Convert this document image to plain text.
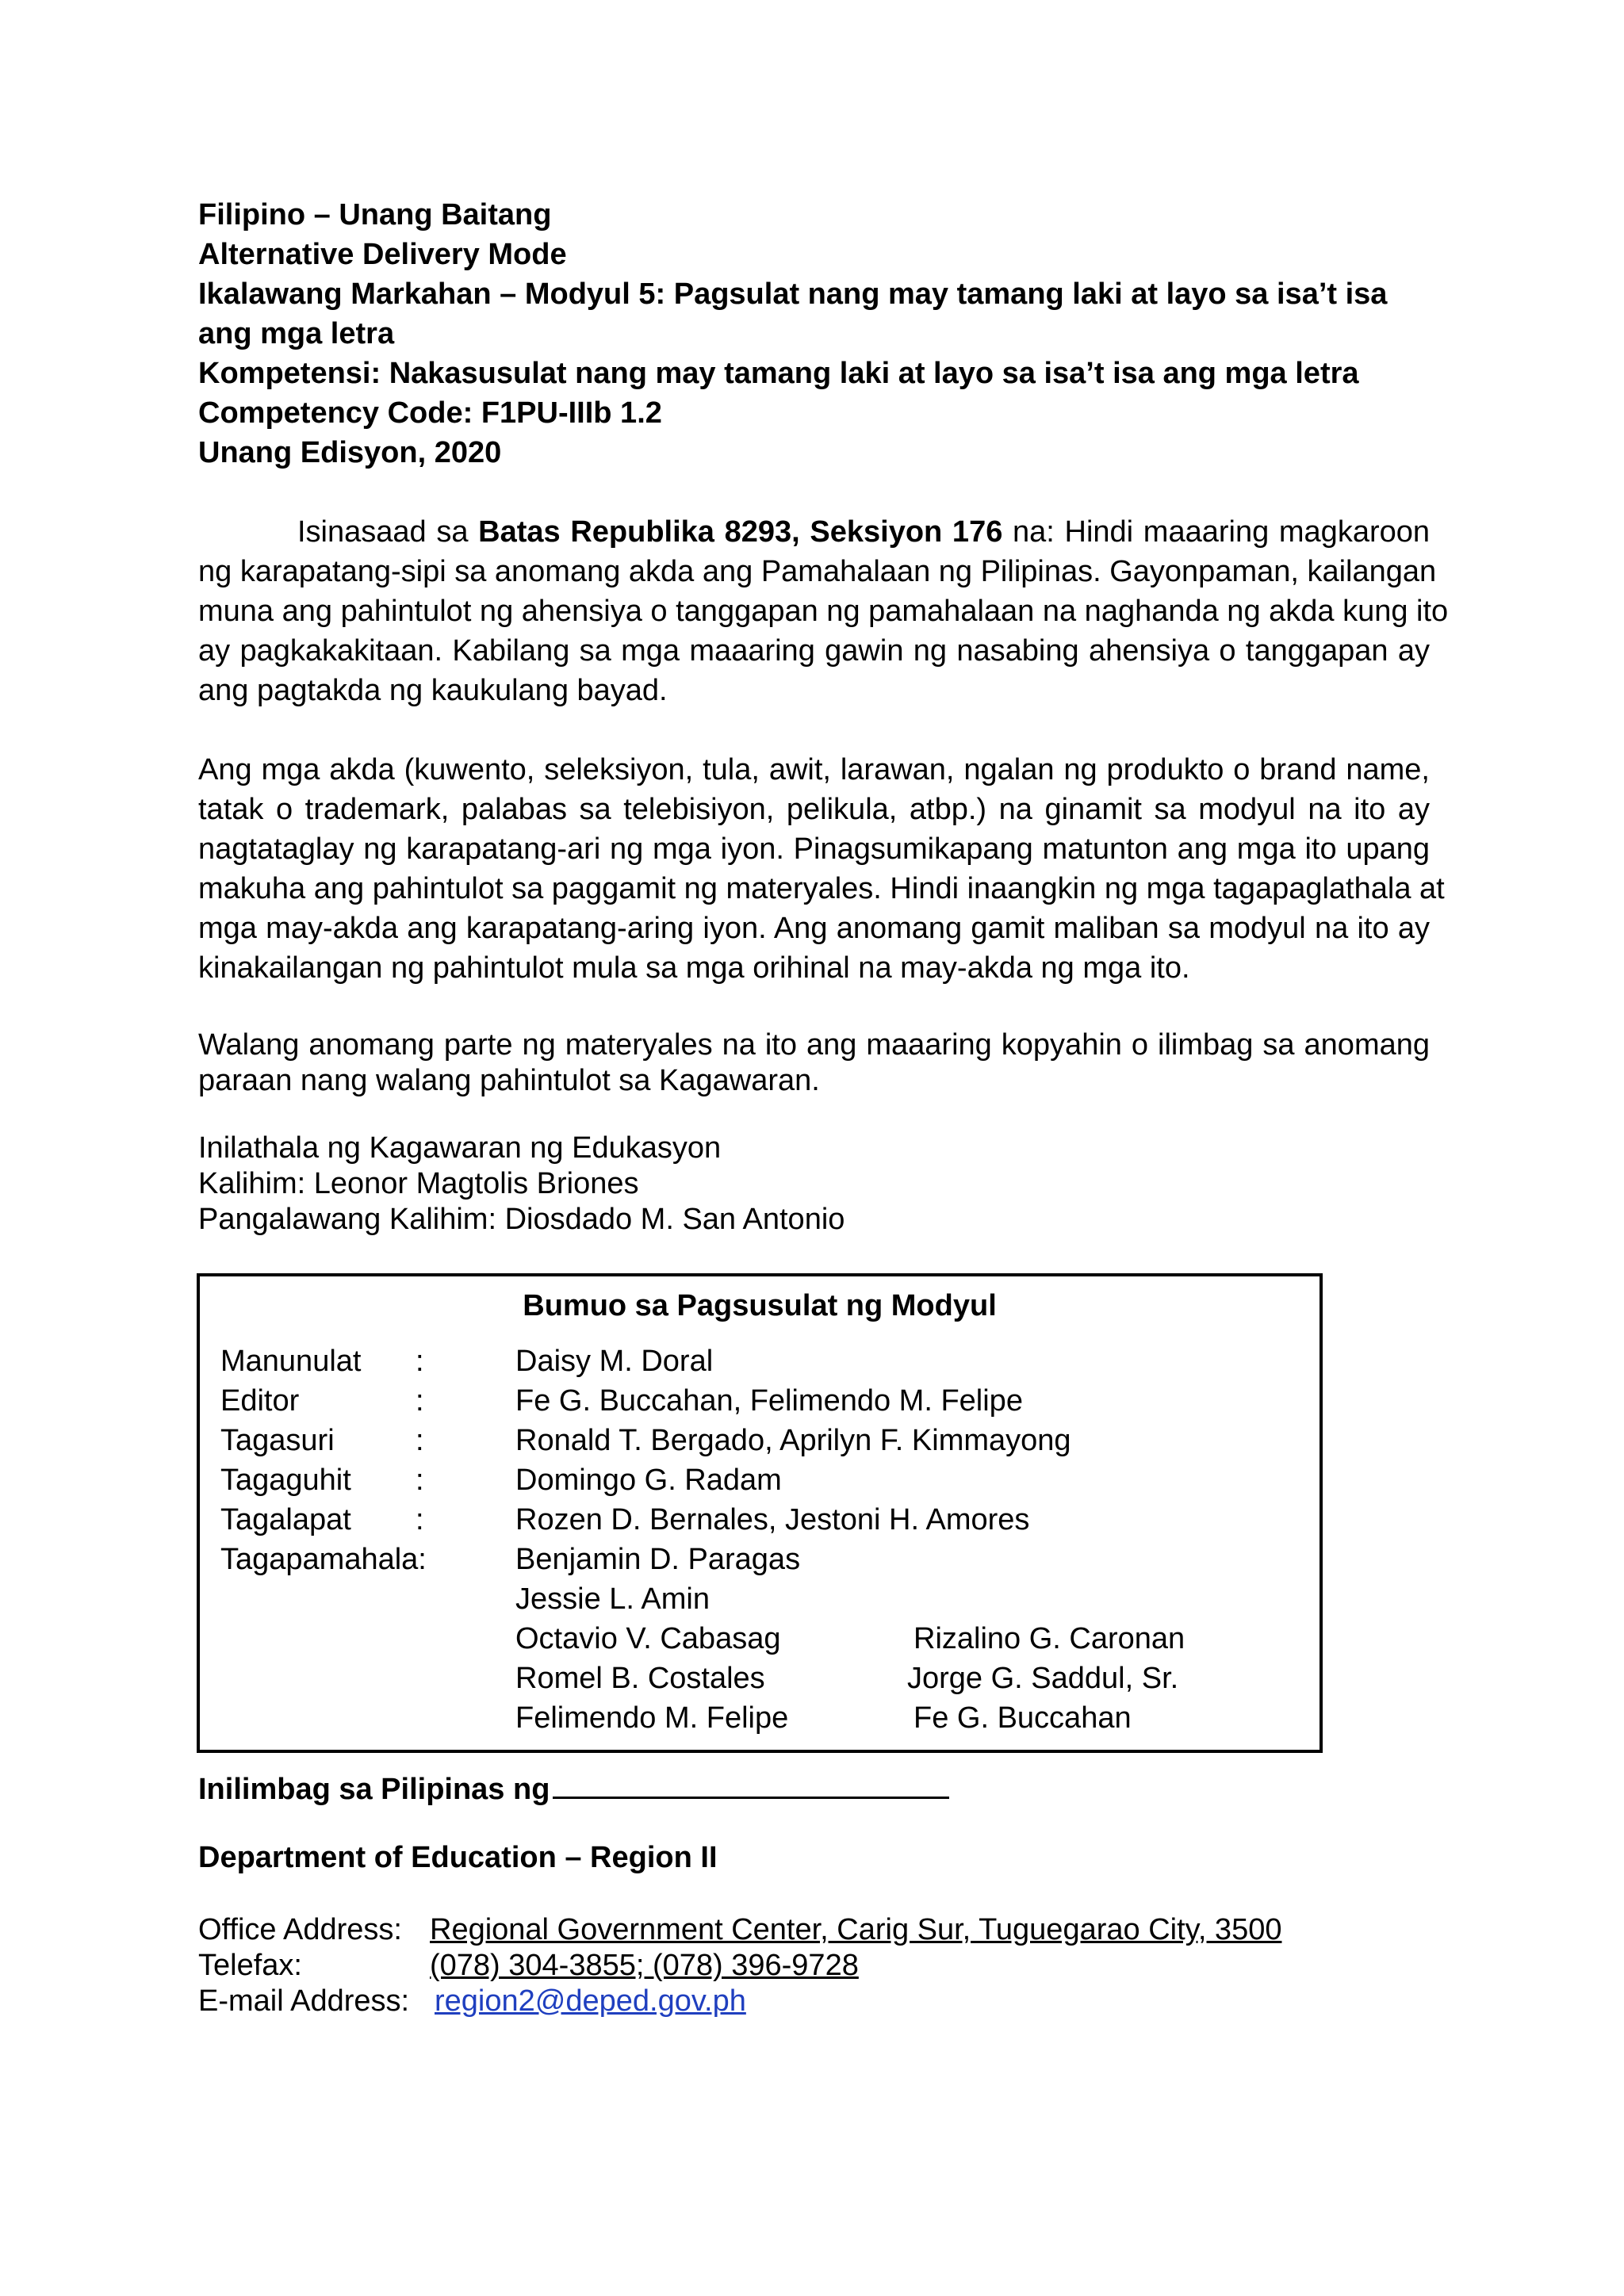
Filipino – Unang Baitang
Alternative Delivery Mode
Ikalawang Markahan – Modyul 5: Pagsulat nang may tamang laki at layo sa isa’t isa
ang mga letra
Kompetensi: Nakasusulat nang may tamang laki at layo sa isa’t isa ang mga letra
Competency Code: F1PU-IIIb 1.2
Unang Edisyon, 2020
Isinasaad sa Batas Republika 8293, Seksiyon 176 na: Hindi maaaring magkaroon
ng karapatang-sipi sa anomang akda ang Pamahalaan ng Pilipinas. Gayonpaman, kailangan
muna ang pahintulot ng ahensiya o tanggapan ng pamahalaan na naghanda ng akda kung ito
ay pagkakakitaan. Kabilang sa mga maaaring gawin ng nasabing ahensiya o tanggapan ay
ang pagtakda ng kaukulang bayad.
Ang mga akda (kuwento, seleksiyon, tula, awit, larawan, ngalan ng produkto o brand name,
tatak o trademark, palabas sa telebisiyon, pelikula, atbp.) na ginamit sa modyul na ito ay
nagtataglay ng karapatang-ari ng mga iyon. Pinagsumikapang matunton ang mga ito upang
makuha ang pahintulot sa paggamit ng materyales. Hindi inaangkin ng mga tagapaglathala at
mga may-akda ang karapatang-aring iyon. Ang anomang gamit maliban sa modyul na ito ay
kinakailangan ng pahintulot mula sa mga orihinal na may-akda ng mga ito.
Walang anomang parte ng materyales na ito ang maaaring kopyahin o ilimbag sa anomang
paraan nang walang pahintulot sa Kagawaran.
Inilathala ng Kagawaran ng Edukasyon
Kalihim: Leonor Magtolis Briones
Pangalawang Kalihim: Diosdado M. San Antonio
Bumuo sa Pagsusulat ng Modyul
Manunulat :	Daisy M. Doral
Editor	:	Fe G. Buccahan, Felimendo M. Felipe
Tagasuri	:	Ronald T. Bergado, Aprilyn F. Kimmayong
Tagaguhit :	Domingo G. Radam
Tagalapat :	Rozen D. Bernales, Jestoni H. Amores
Tagapamahala:	Benjamin D. Paragas
Jessie L. Amin
Octavio V. Cabasag	Rizalino G. Caronan
Romel B. Costales	Jorge G. Saddul, Sr.
Felimendo M. Felipe	Fe G. Buccahan
Inilimbag sa Pilipinas ng
Department of Education – Region II
Office Address: Regional Government Center, Carig Sur, Tuguegarao City, 3500
Telefax:	(078) 304-3855; (078) 396-9728
E-mail Address: region2@deped.gov.ph
